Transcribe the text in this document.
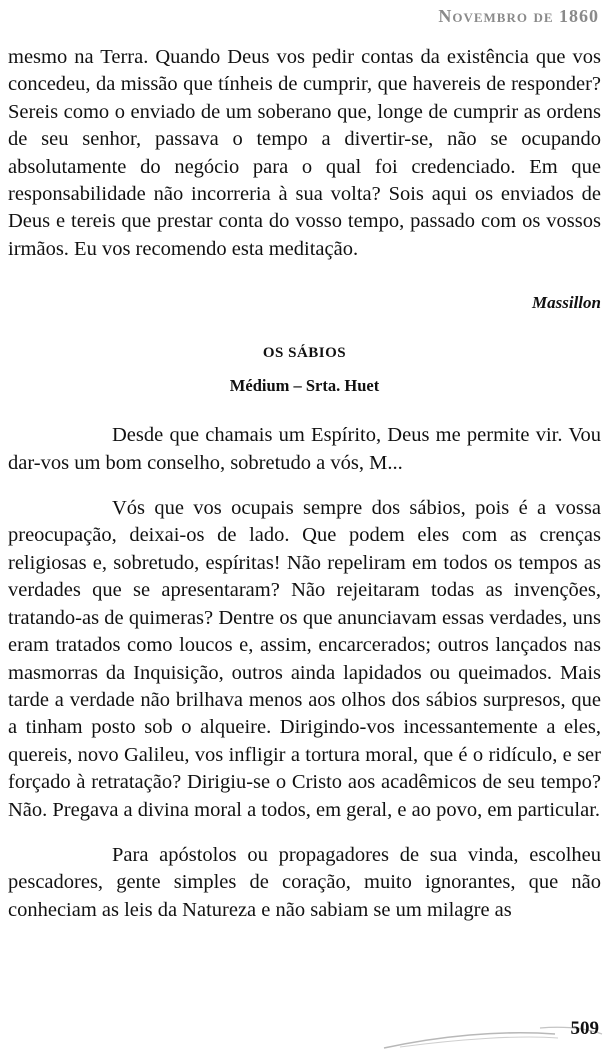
Novembro de 1860

mesmo na Terra. Quando Deus vos pedir contas da existência que vos concedeu, da missão que tínheis de cumprir, que havereis de responder? Sereis como o enviado de um soberano que, longe de cumprir as ordens de seu senhor, passava o tempo a divertir-se, não se ocupando absolutamente do negócio para o qual foi credenciado. Em que responsabilidade não incorreria à sua volta? Sois aqui os enviados de Deus e tereis que prestar conta do vosso tempo, passado com os vossos irmãos. Eu vos recomendo esta meditação.

Massillon

OS SÁBIOS

Médium – Srta. Huet

Desde que chamais um Espírito, Deus me permite vir. Vou dar-vos um bom conselho, sobretudo a vós, M...

Vós que vos ocupais sempre dos sábios, pois é a vossa preocupação, deixai-os de lado. Que podem eles com as crenças religiosas e, sobretudo, espíritas! Não repeliram em todos os tempos as verdades que se apresentaram? Não rejeitaram todas as invenções, tratando-as de quimeras? Dentre os que anunciavam essas verdades, uns eram tratados como loucos e, assim, encarcerados; outros lançados nas masmorras da Inquisição, outros ainda lapidados ou queimados. Mais tarde a verdade não brilhava menos aos olhos dos sábios surpresos, que a tinham posto sob o alqueire. Dirigindo-vos incessantemente a eles, quereis, novo Galileu, vos infligir a tortura moral, que é o ridículo, e ser forçado à retratação? Dirigiu-se o Cristo aos acadêmicos de seu tempo? Não. Pregava a divina moral a todos, em geral, e ao povo, em particular.

Para apóstolos ou propagadores de sua vinda, escolheu pescadores, gente simples de coração, muito ignorantes, que não conheciam as leis da Natureza e não sabiam se um milagre as

509
